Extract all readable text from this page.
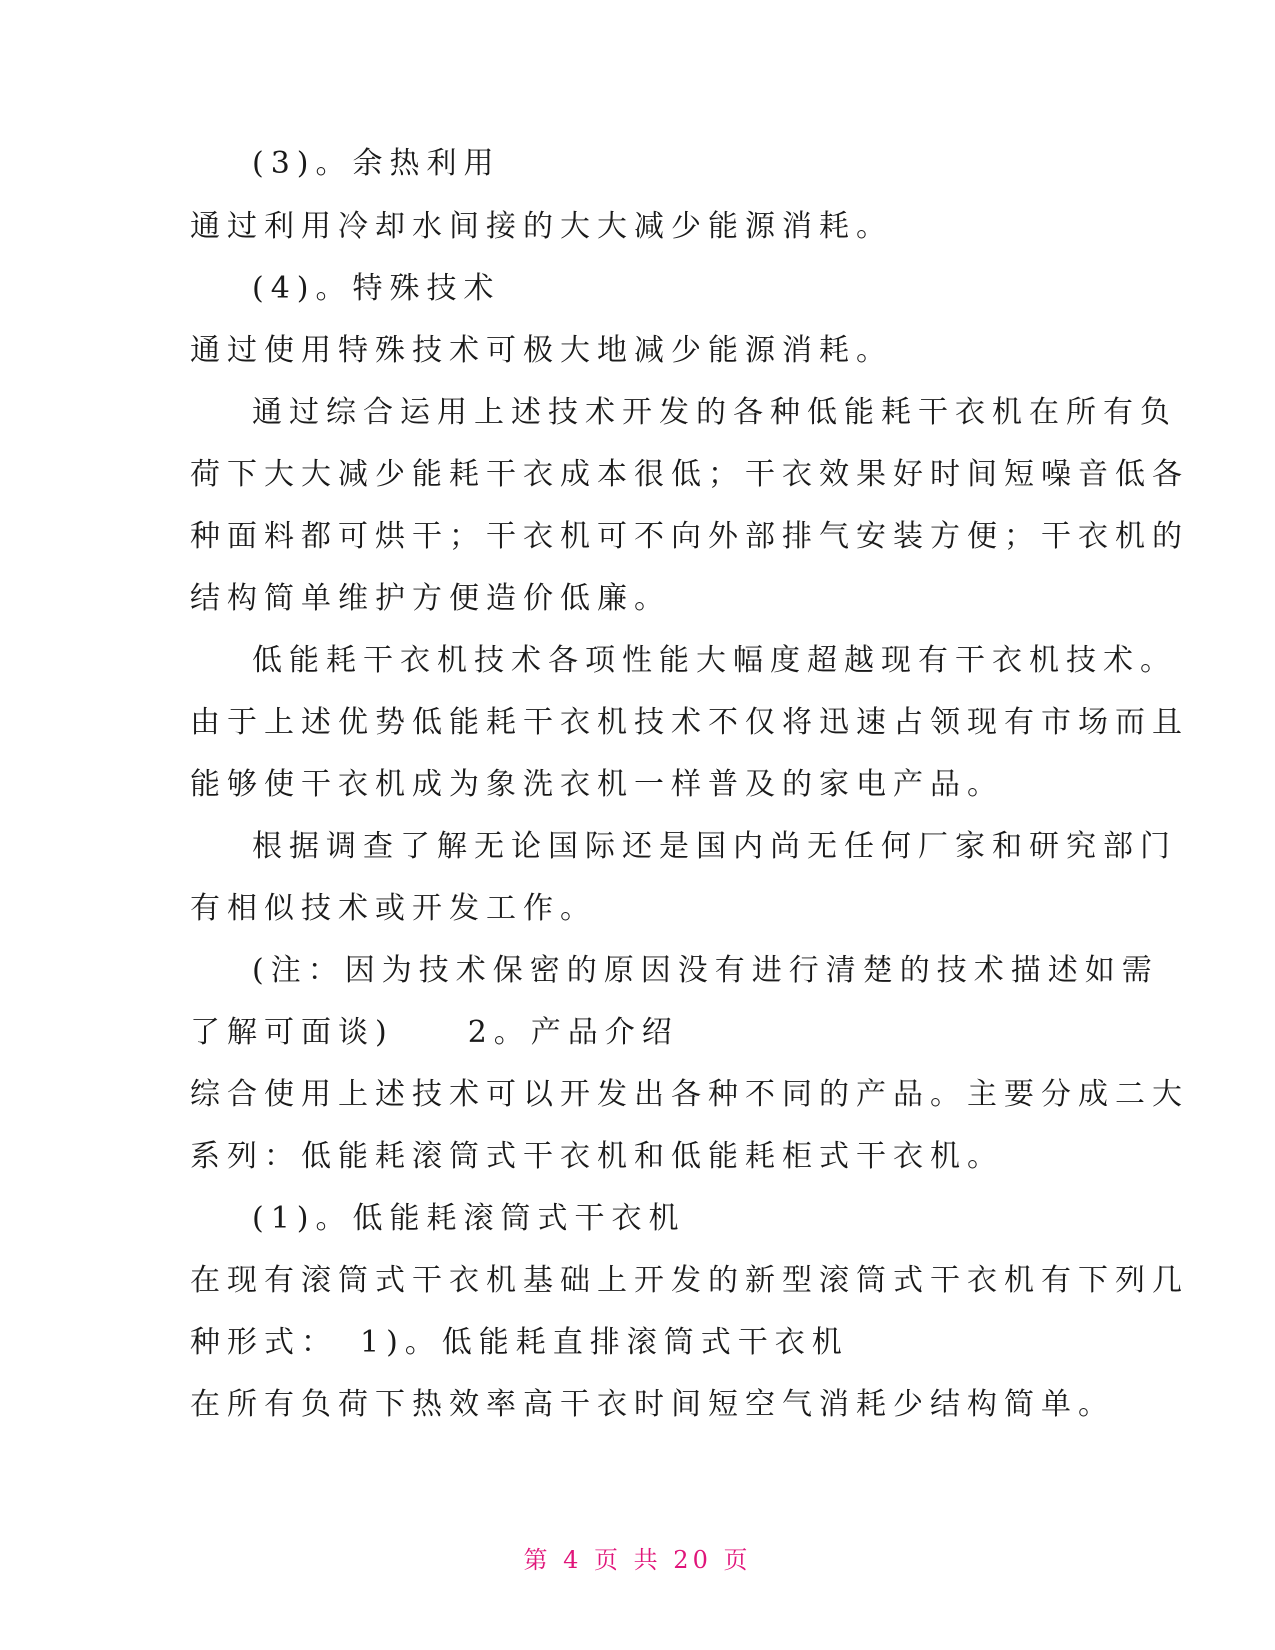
(3)。余热利用
通过利用冷却水间接的大大减少能源消耗。
(4)。特殊技术
通过使用特殊技术可极大地减少能源消耗。
通过综合运用上述技术开发的各种低能耗干衣机在所有负
荷下大大减少能耗干衣成本很低；干衣效果好时间短噪音低各
种面料都可烘干；干衣机可不向外部排气安装方便；干衣机的
结构简单维护方便造价低廉。
低能耗干衣机技术各项性能大幅度超越现有干衣机技术。
由于上述优势低能耗干衣机技术不仅将迅速占领现有市场而且
能够使干衣机成为象洗衣机一样普及的家电产品。
根据调查了解无论国际还是国内尚无任何厂家和研究部门
有相似技术或开发工作。
(注：因为技术保密的原因没有进行清楚的技术描述如需
了解可面谈)　　2。产品介绍
综合使用上述技术可以开发出各种不同的产品。主要分成二大
系列：低能耗滚筒式干衣机和低能耗柜式干衣机。
(1)。低能耗滚筒式干衣机
在现有滚筒式干衣机基础上开发的新型滚筒式干衣机有下列几
种形式：　1)。低能耗直排滚筒式干衣机
在所有负荷下热效率高干衣时间短空气消耗少结构简单。
第 4 页 共 20 页
